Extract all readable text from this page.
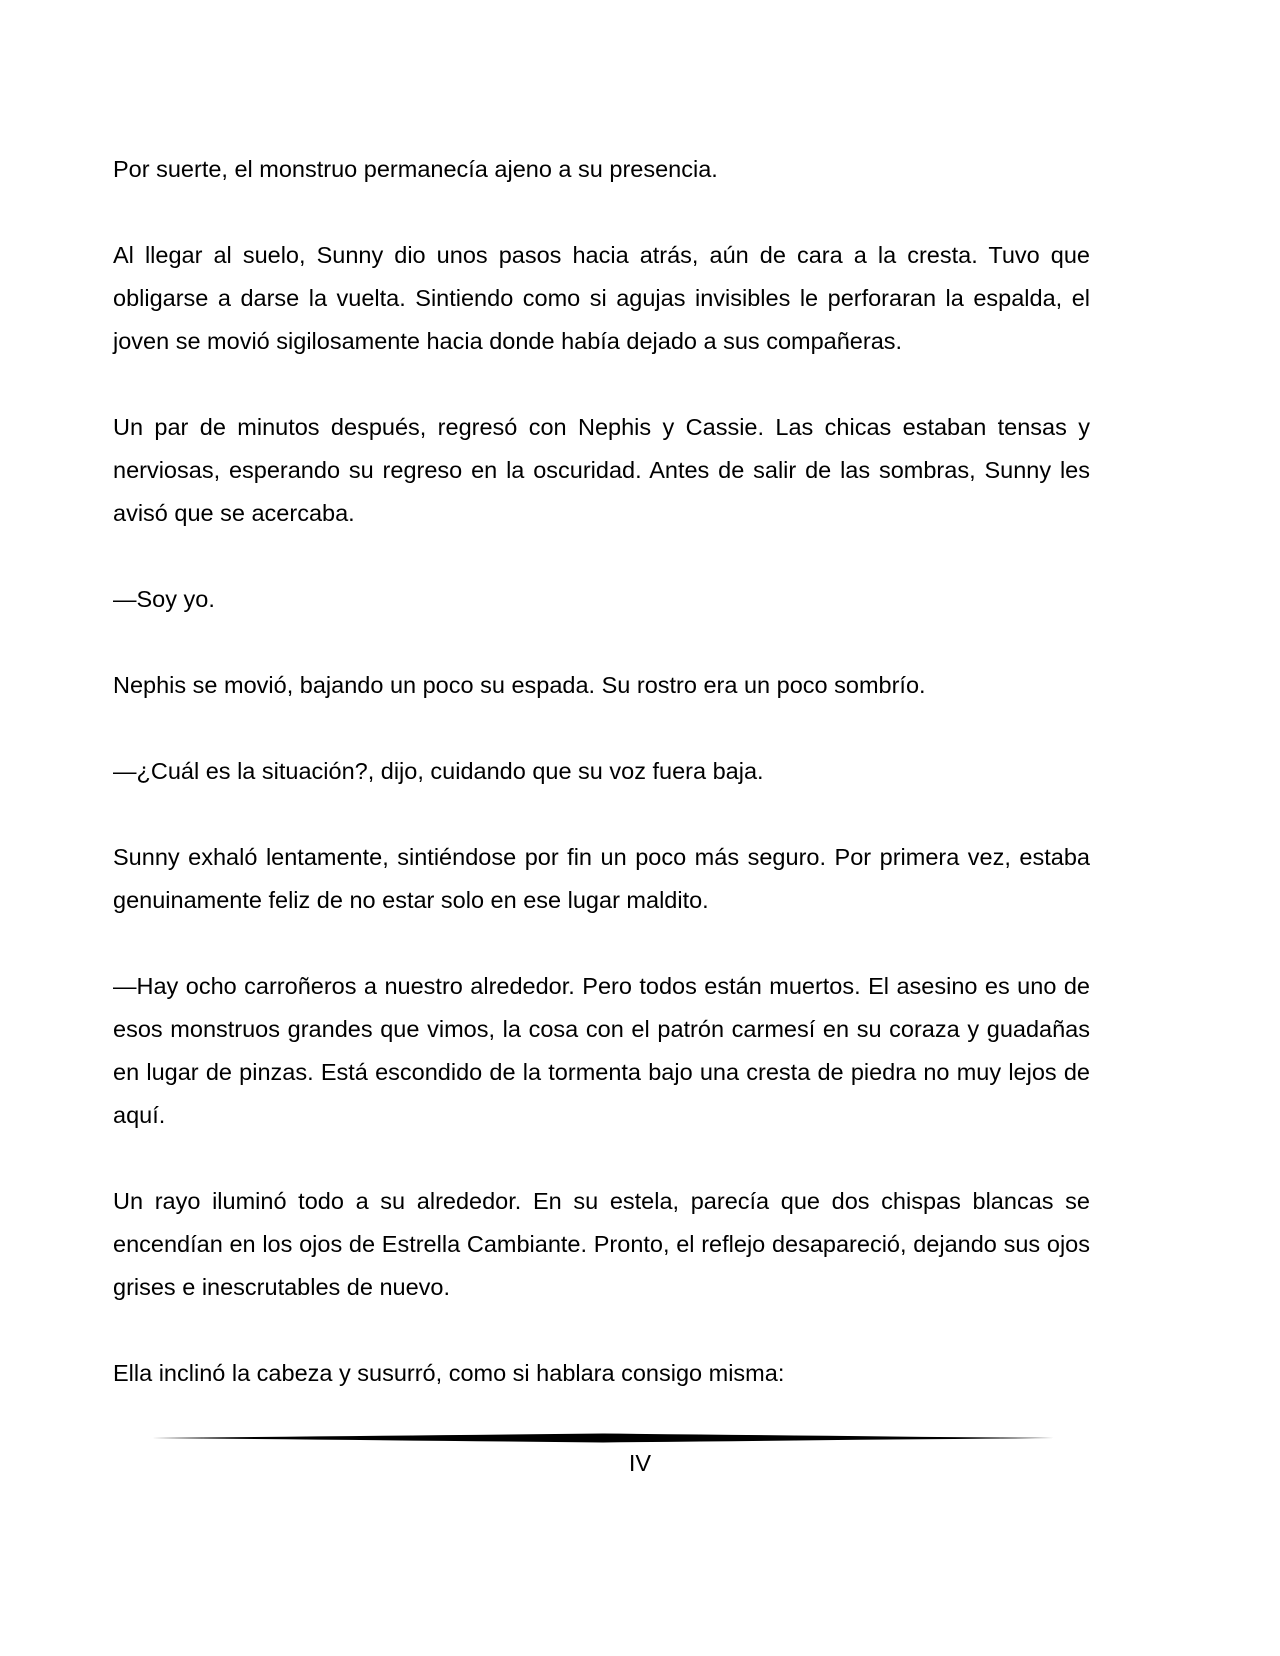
Por suerte, el monstruo permanecía ajeno a su presencia.

Al llegar al suelo, Sunny dio unos pasos hacia atrás, aún de cara a la cresta. Tuvo que obligarse a darse la vuelta. Sintiendo como si agujas invisibles le perforaran la espalda, el joven se movió sigilosamente hacia donde había dejado a sus compañeras.

Un par de minutos después, regresó con Nephis y Cassie. Las chicas estaban tensas y nerviosas, esperando su regreso en la oscuridad. Antes de salir de las sombras, Sunny les avisó que se acercaba.

—Soy yo.

Nephis se movió, bajando un poco su espada. Su rostro era un poco sombrío.

—¿Cuál es la situación?, dijo, cuidando que su voz fuera baja.

Sunny exhaló lentamente, sintiéndose por fin un poco más seguro. Por primera vez, estaba genuinamente feliz de no estar solo en ese lugar maldito.

—Hay ocho carroñeros a nuestro alrededor. Pero todos están muertos. El asesino es uno de esos monstruos grandes que vimos, la cosa con el patrón carmesí en su coraza y guadañas en lugar de pinzas. Está escondido de la tormenta bajo una cresta de piedra no muy lejos de aquí.

Un rayo iluminó todo a su alrededor. En su estela, parecía que dos chispas blancas se encendían en los ojos de Estrella Cambiante. Pronto, el reflejo desapareció, dejando sus ojos grises e inescrutables de nuevo.

Ella inclinó la cabeza y susurró, como si hablara consigo misma:

IV
